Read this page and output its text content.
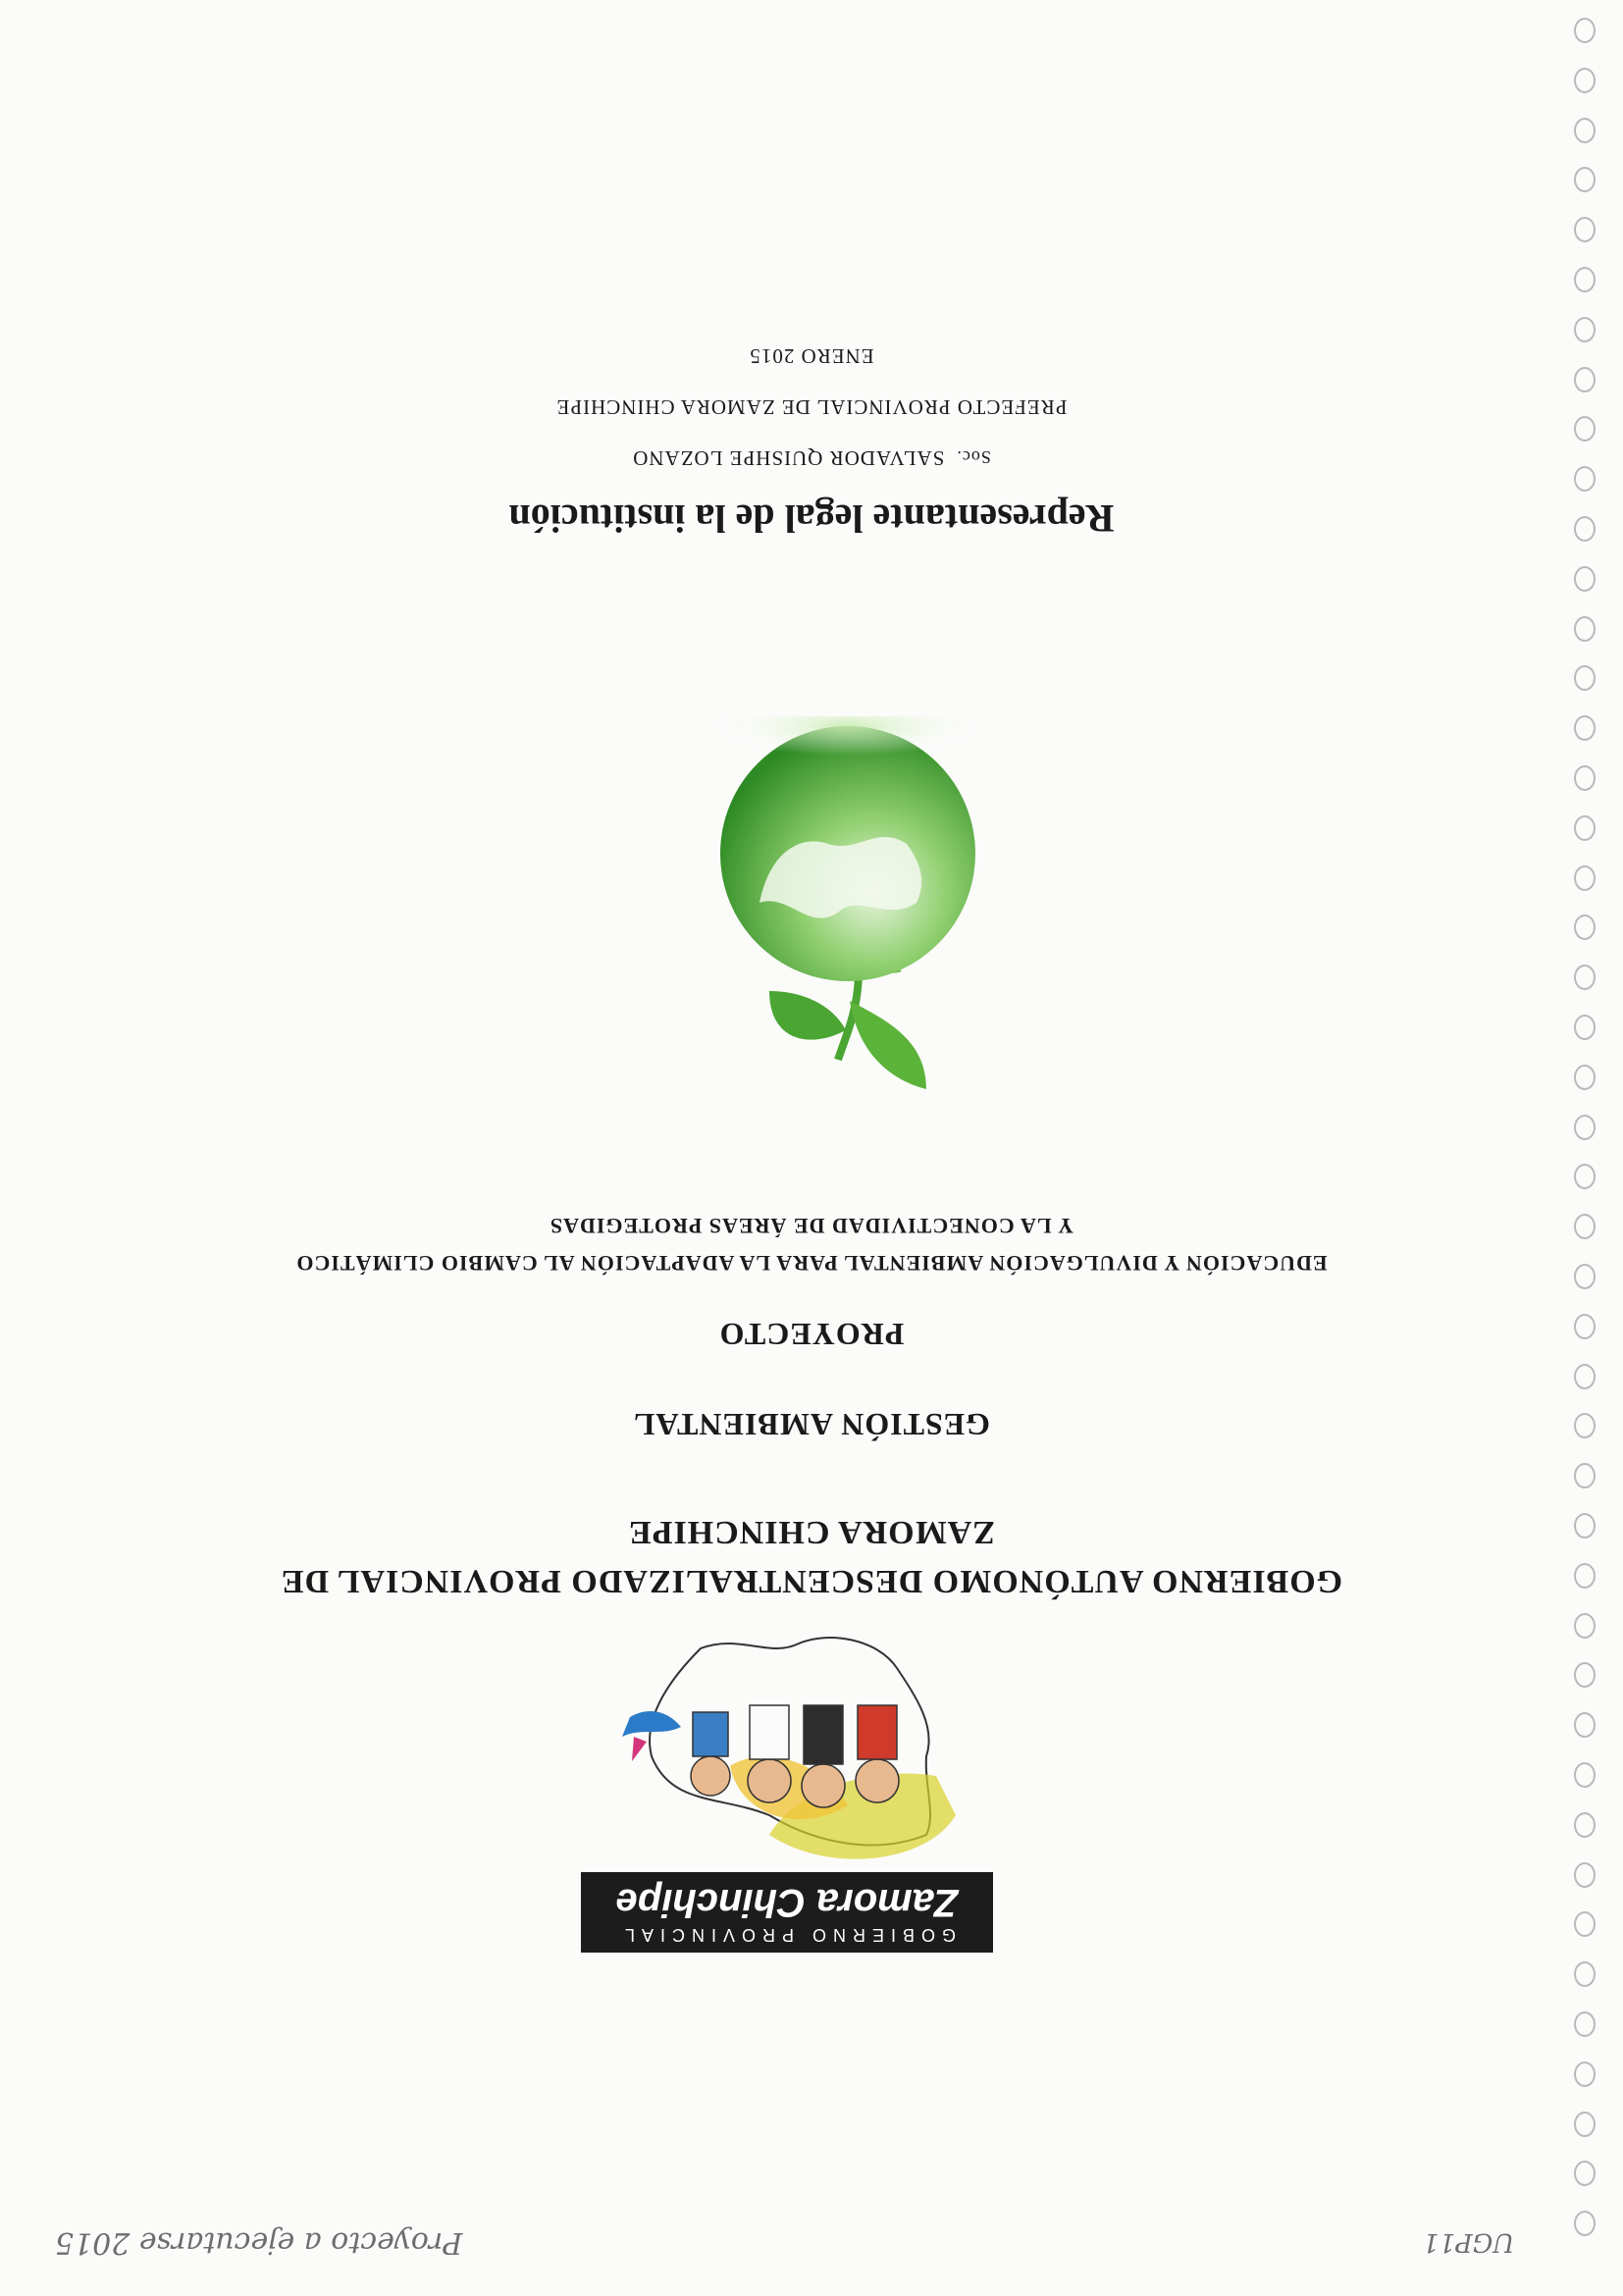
GOBIERNO PROVINCIAL
Zamora Chinchipe
GOBIERNO AUTÓNOMO DESCENTRALIZADO PROVINCIAL DE
ZAMORA CHINCHIPE
GESTIÓN AMBIENTAL
PROYECTO
EDUCACIÓN Y DIVULGACIÓN AMBIENTAL PARA LA ADAPTACIÓN AL CAMBIO CLIMÁTICO
Y LA CONECTIVIDAD DE ÁREAS PROTEGIDAS
Representante legal de la institución
Soc.SALVADOR QUISHPE LOZANO
PREFECTO PROVINCIAL DE ZAMORA CHINCHIPE
ENERO 2015
Proyecto a ejecutarse 2015	UGP11
